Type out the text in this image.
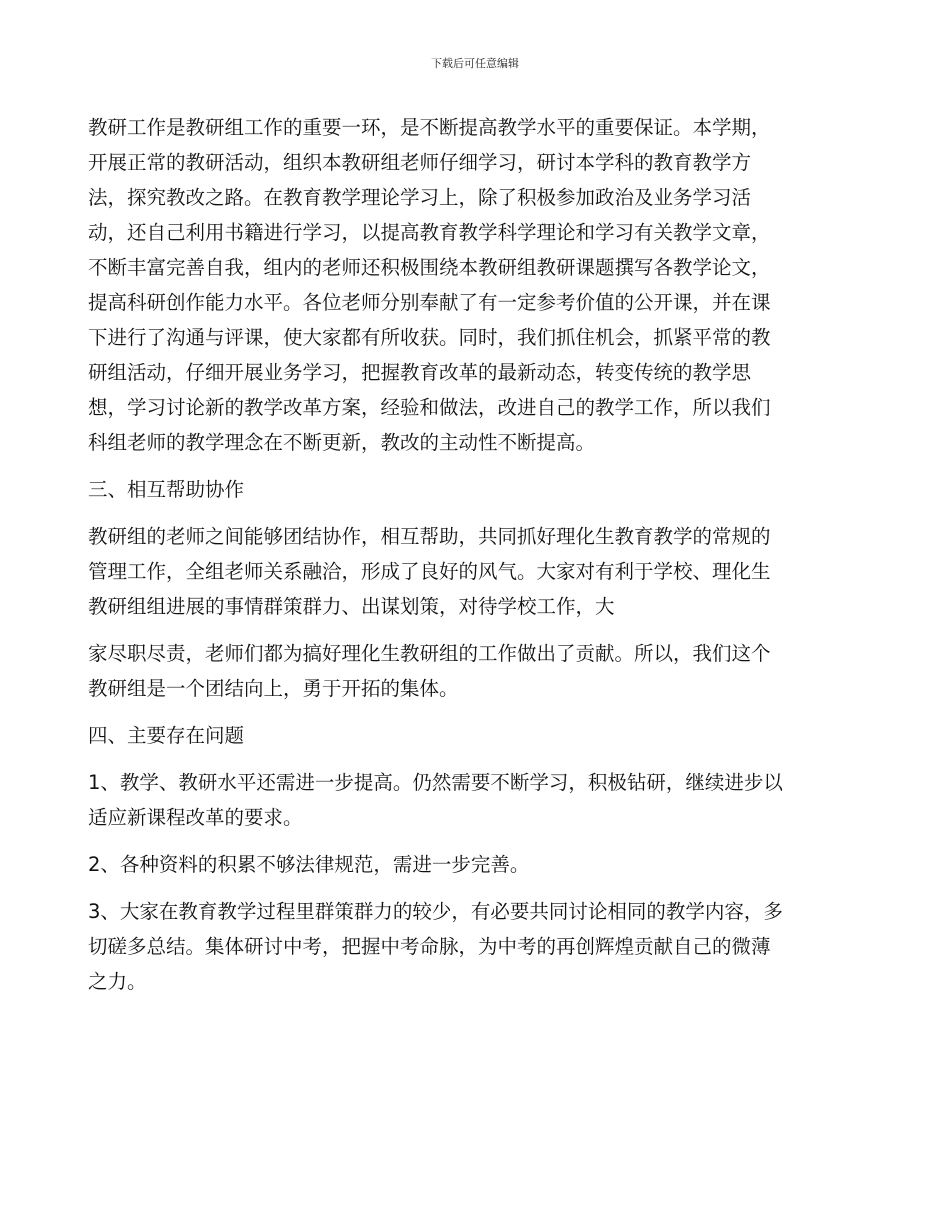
下载后可任意编辑
教研工作是教研组工作的重要一环，是不断提高教学水平的重要保证。本学期，
开展正常的教研活动，组织本教研组老师仔细学习，研讨本学科的教育教学方
法，探究教改之路。在教育教学理论学习上，除了积极参加政治及业务学习活
动，还自己利用书籍进行学习，以提高教育教学科学理论和学习有关教学文章，
不断丰富完善自我，组内的老师还积极围绕本教研组教研课题撰写各教学论文，
提高科研创作能力水平。各位老师分别奉献了有一定参考价值的公开课，并在课
下进行了沟通与评课，使大家都有所收获。同时，我们抓住机会，抓紧平常的教
研组活动，仔细开展业务学习，把握教育改革的最新动态，转变传统的教学思
想，学习讨论新的教学改革方案，经验和做法，改进自己的教学工作，所以我们
科组老师的教学理念在不断更新，教改的主动性不断提高。
三、相互帮助协作
教研组的老师之间能够团结协作，相互帮助，共同抓好理化生教育教学的常规的
管理工作，全组老师关系融洽，形成了良好的风气。大家对有利于学校、理化生
教研组组进展的事情群策群力、出谋划策，对待学校工作，大
家尽职尽责，老师们都为搞好理化生教研组的工作做出了贡献。所以，我们这个
教研组是一个团结向上，勇于开拓的集体。
四、主要存在问题
1、教学、教研水平还需进一步提高。仍然需要不断学习，积极钻研，继续进步以
适应新课程改革的要求。
2、各种资料的积累不够法律规范，需进一步完善。
3、大家在教育教学过程里群策群力的较少，有必要共同讨论相同的教学内容，多
切磋多总结。集体研讨中考，把握中考命脉，为中考的再创辉煌贡献自己的微薄
之力。
